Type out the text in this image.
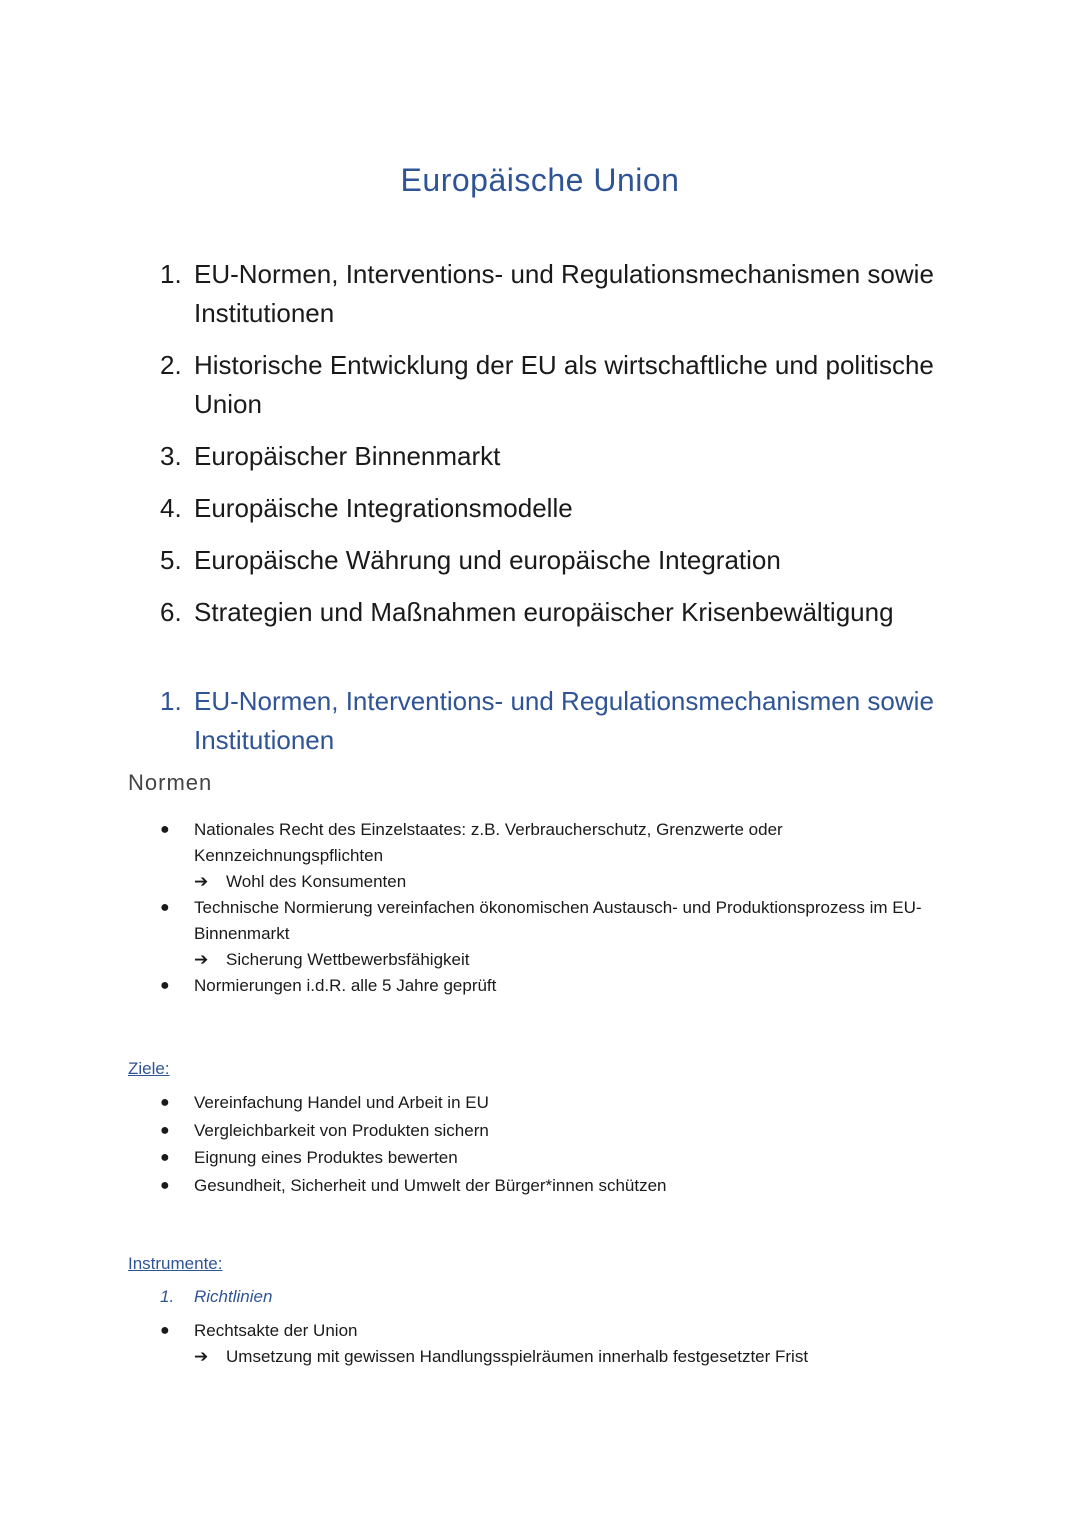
Europäische Union
1. EU-Normen, Interventions- und Regulationsmechanismen sowie Institutionen
2. Historische Entwicklung der EU als wirtschaftliche und politische Union
3. Europäischer Binnenmarkt
4. Europäische Integrationsmodelle
5. Europäische Währung und europäische Integration
6. Strategien und Maßnahmen europäischer Krisenbewältigung
1. EU-Normen, Interventions- und Regulationsmechanismen sowie Institutionen
Normen
●	Nationales Recht des Einzelstaates: z.B. Verbraucherschutz, Grenzwerte oder Kennzeichnungspflichten
➔	Wohl des Konsumenten
●	Technische Normierung vereinfachen ökonomischen Austausch- und Produktionsprozess im EU-Binnenmarkt
➔	Sicherung Wettbewerbsfähigkeit
●	Normierungen i.d.R. alle 5 Jahre geprüft
Ziele:
●	Vereinfachung Handel und Arbeit in EU
●	Vergleichbarkeit von Produkten sichern
●	Eignung eines Produktes bewerten
●	Gesundheit, Sicherheit und Umwelt der Bürger*innen schützen
Instrumente:
1.	Richtlinien
●	Rechtsakte der Union
➔	Umsetzung mit gewissen Handlungsspielräumen innerhalb festgesetzter Frist
